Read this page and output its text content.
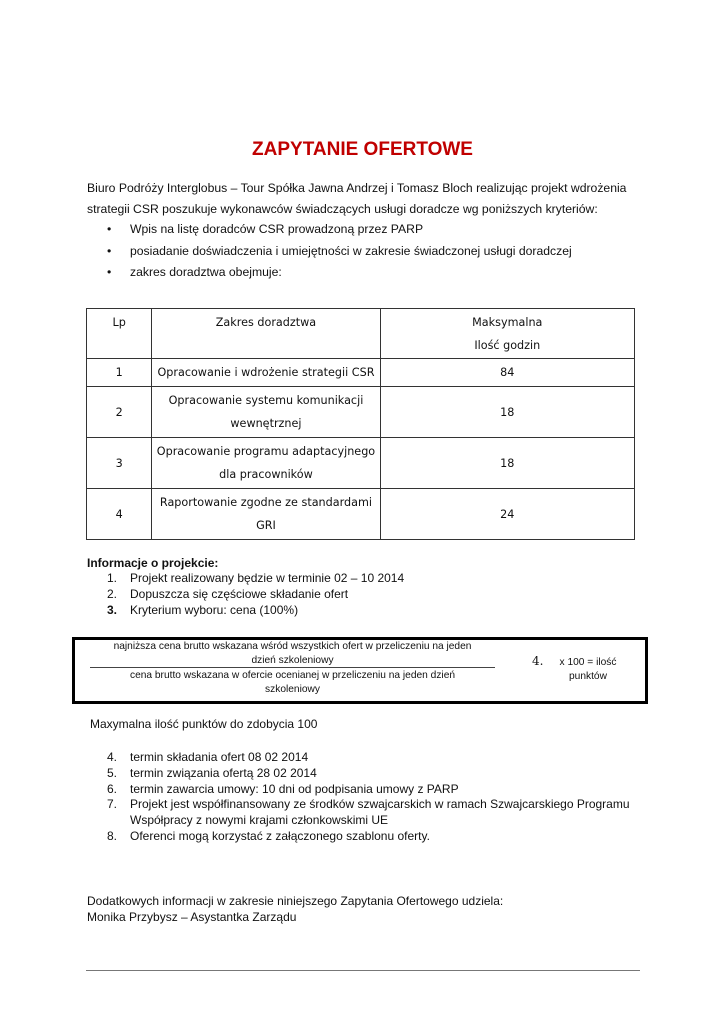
ZAPYTANIE OFERTOWE
Biuro Podróży Interglobus – Tour Spółka Jawna Andrzej i Tomasz Bloch realizując projekt wdrożenia strategii CSR poszukuje wykonawców świadczących usługi doradcze wg poniższych kryteriów:
• Wpis na listę doradców CSR prowadzoną przez PARP
• posiadanie doświadczenia i umiejętności w zakresie świadczonej usługi doradczej
• zakres doradztwa obejmuje:
Lp	Zakres doradztwa	Maksymalna
Ilość godzin

1	Opracowanie i wdrożenie strategii CSR	84
2	Opracowanie systemu komunikacji
wewnętrznej	18
3	Opracowanie programu adaptacyjnego
dla pracowników	18
4	Raportowanie zgodne ze standardami
GRI	24
Informacje o projekcie:
1. Projekt realizowany będzie w terminie 02 – 10 2014
2. Dopuszcza się częściowe składanie ofert
3. Kryterium wyboru: cena (100%)
najniższa cena brutto wskazana wśród wszystkich ofert w przeliczeniu na jeden
dzień szkoleniowy
cena brutto wskazana w ofercie ocenianej w przeliczeniu na jeden dzień
szkoleniowy
4.	x 100 = ilość
punktów
Maxymalna ilość punktów do zdobycia 100
4.	termin składania ofert 08 02 2014
5.	termin związania ofertą 28 02 2014
6.	termin zawarcia umowy: 10 dni od podpisania umowy z PARP
7.	Projekt jest współfinansowany ze środków szwajcarskich w ramach Szwajcarskiego Programu
Współpracy z nowymi krajami członkowskimi UE
8.	Oferenci mogą korzystać z załączonego szablonu oferty.
Dodatkowych informacji w zakresie niniejszego Zapytania Ofertowego udziela:
Monika Przybysz – Asystantka Zarządu
